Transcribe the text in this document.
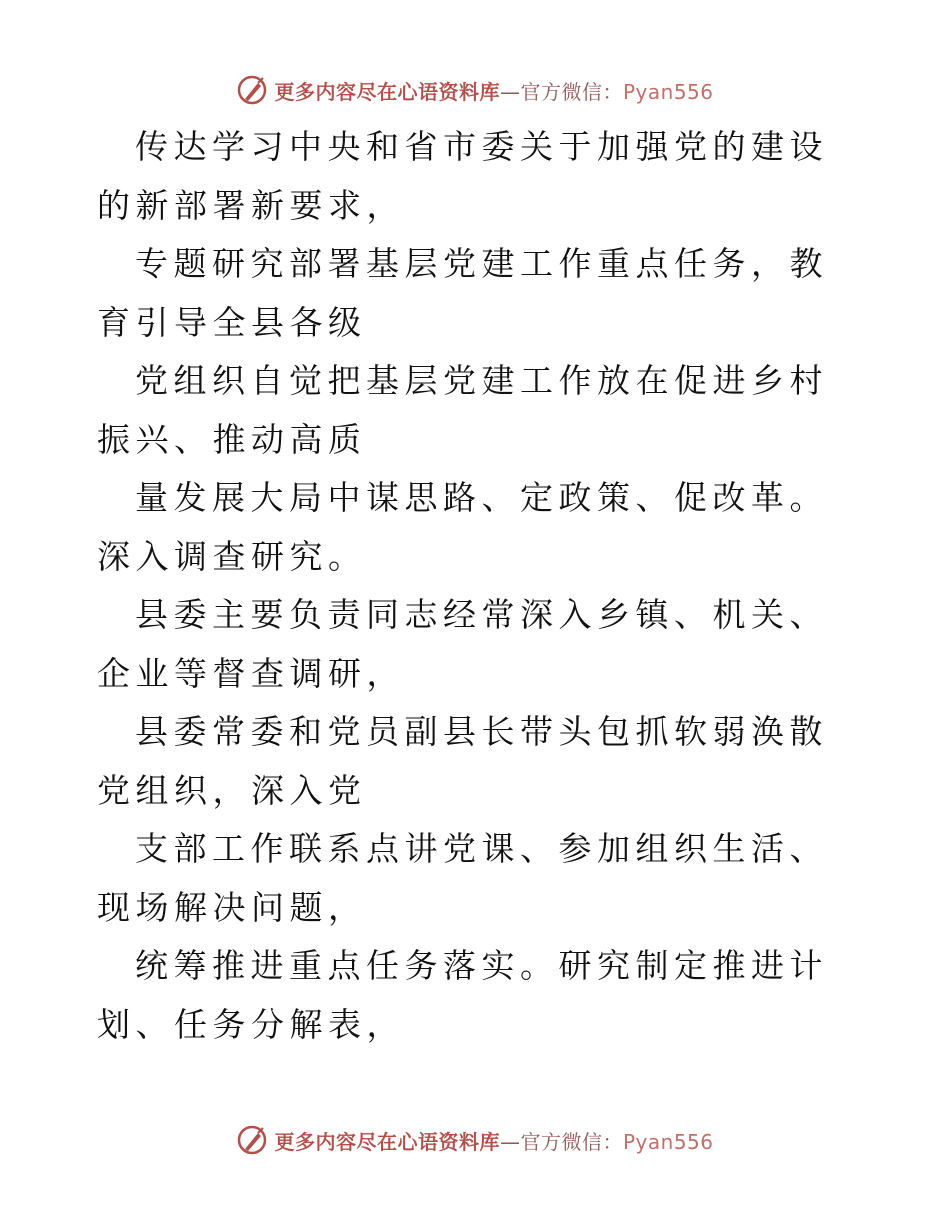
更多内容尽在心语资料库—官方微信：Pyan556

传达学习中央和省市委关于加强党的建设的新部署新要求，

专题研究部署基层党建工作重点任务，教育引导全县各级

党组织自觉把基层党建工作放在促进乡村振兴、推动高质

量发展大局中谋思路、定政策、促改革。深入调查研究。

县委主要负责同志经常深入乡镇、机关、企业等督查调研，

县委常委和党员副县长带头包抓软弱涣散党组织，深入党

支部工作联系点讲党课、参加组织生活、现场解决问题，

统筹推进重点任务落实。研究制定推进计划、任务分解表，

更多内容尽在心语资料库—官方微信：Pyan556
